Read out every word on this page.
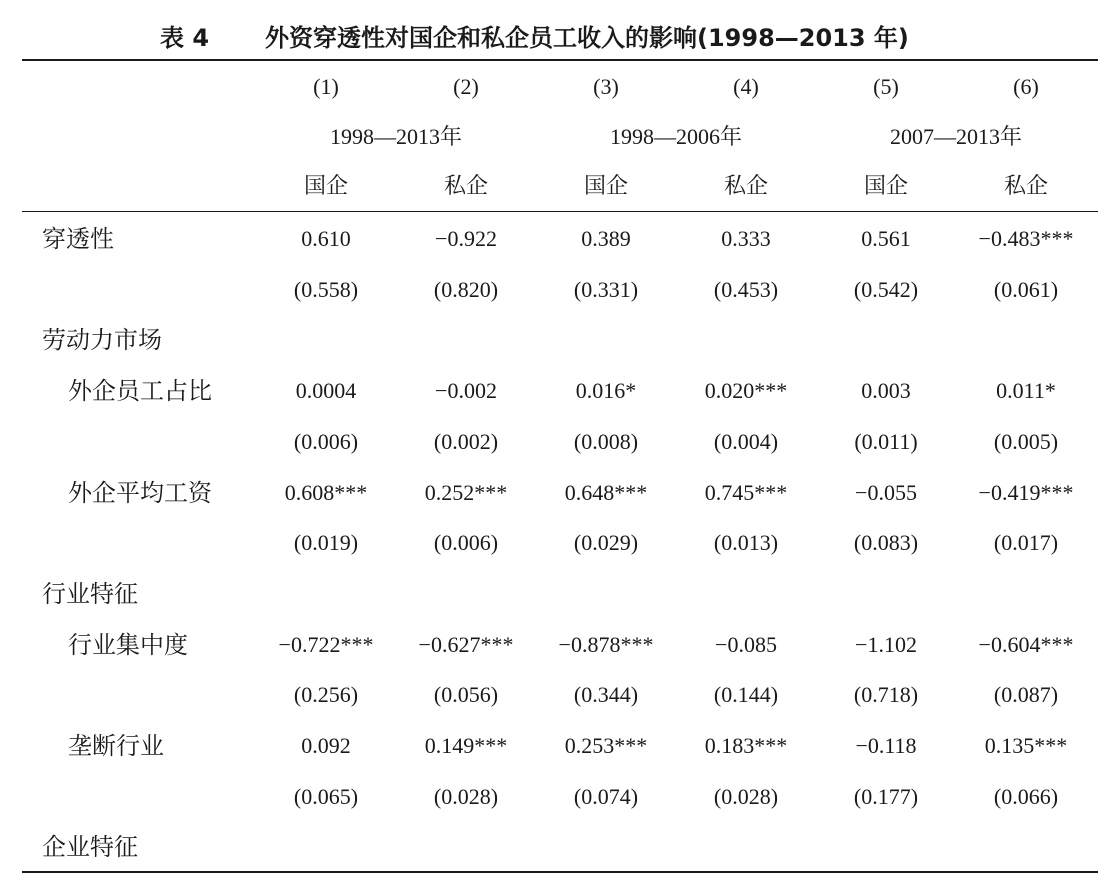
表 4 外资穿透性对国企和私企员工收入的影响(1998—2013 年)
(1)	(2)	(3)	(4)	(5)	(6)
1998—2013年	1998—2006年	2007—2013年
国企	私企	国企	私企	国企	私企
穿透性	0.610	−0.922	0.389	0.333	0.561	−0.483***
(0.558)	(0.820)	(0.331)	(0.453)	(0.542)	(0.061)
劳动力市场
外企员工占比	0.0004	−0.002	0.016*	0.020***	0.003	0.011*
(0.006)	(0.002)	(0.008)	(0.004)	(0.011)	(0.005)
外企平均工资	0.608***	0.252***	0.648***	0.745***	−0.055	−0.419***
(0.019)	(0.006)	(0.029)	(0.013)	(0.083)	(0.017)
行业特征
行业集中度	−0.722***	−0.627***	−0.878***	−0.085	−1.102	−0.604***
(0.256)	(0.056)	(0.344)	(0.144)	(0.718)	(0.087)
垄断行业	0.092	0.149***	0.253***	0.183***	−0.118	0.135***
(0.065)	(0.028)	(0.074)	(0.028)	(0.177)	(0.066)
企业特征
